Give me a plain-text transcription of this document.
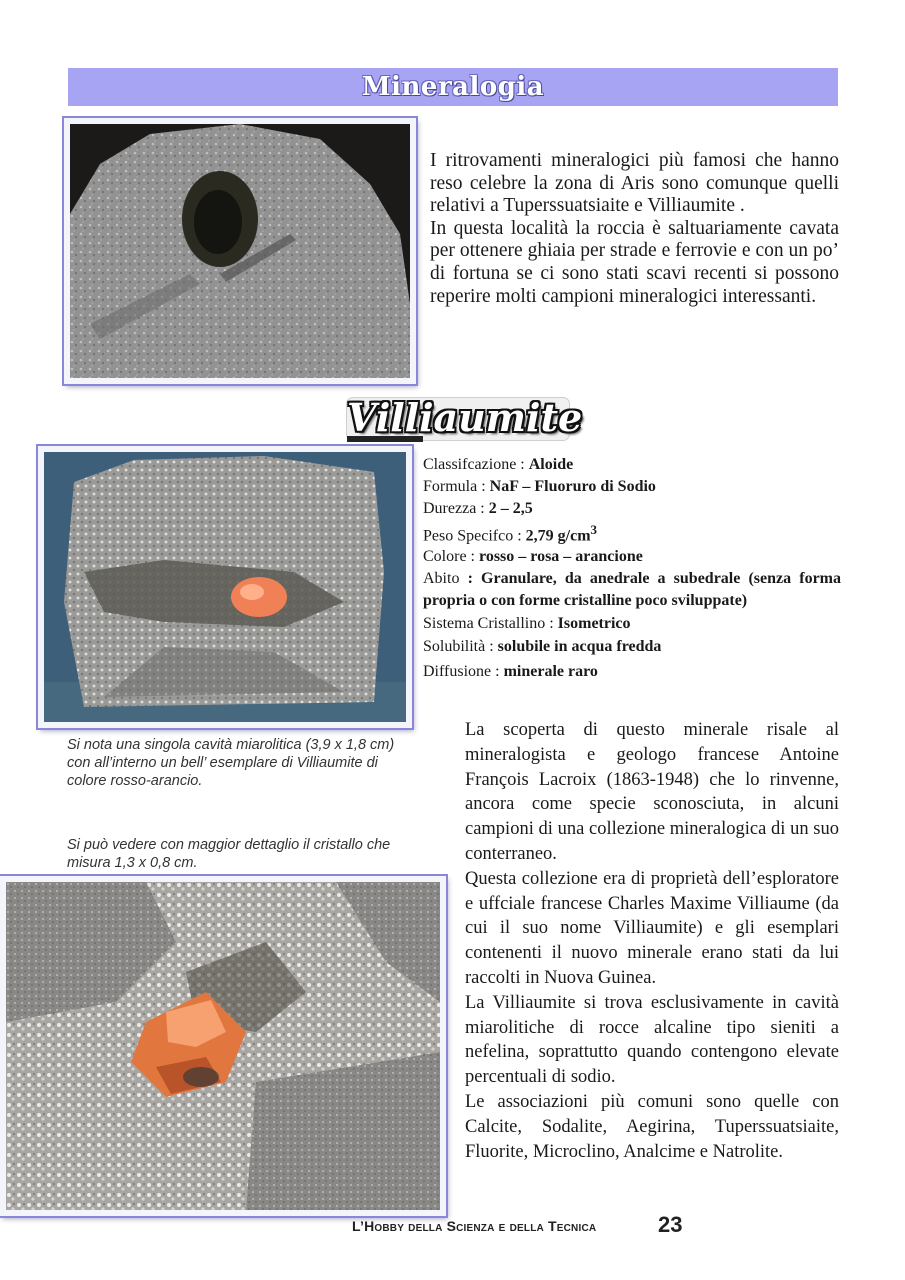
Mineralogia

I ritrovamenti mineralogici più famosi che hanno reso celebre la zona di Aris sono comunque quelli relativi a Tuperssuatsiaite e Villiaumite .

In questa località la roccia è saltuariamente cavata per ottenere ghiaia per strade e ferrovie e con un po’ di fortuna se ci sono stati scavi recenti si possono reperire molti campioni mineralogici interessanti.

Villiaumite
Classifcazione : Aloide
Formula : NaF – Fluoruro di Sodio
Durezza : 2 – 2,5
Peso Specifco : 2,79 $g/cm^3$
Colore : rosso – rosa – arancione
Abito : Granulare, da anedrale a subedrale (senza forma propria o con forme cristalline poco sviluppate)
Sistema Cristallino : Isometrico
Solubilità : solubile in acqua fredda
Diffusione : minerale raro
Si nota una singola cavità miarolitica (3,9 x 1,8 cm) con all’interno un bell’ esemplare di Villiaumite di colore rosso-arancio.
Si può vedere con maggior dettaglio il cristallo che misura 1,3 x 0,8 cm.

La scoperta di questo minerale risale al mineralogista e geologo francese Antoine François Lacroix (1863-1948) che lo rinvenne, ancora come specie sconosciuta, in alcuni campioni di una collezione mineralogica di un suo conterraneo.

Questa collezione era di proprietà dell’esploratore e uffciale francese Charles Maxime Villiaume (da cui il suo nome Villiaumite) e gli esemplari contenenti il nuovo minerale erano stati da lui raccolti in Nuova Guinea.

La Villiaumite si trova esclusivamente in cavità miarolitiche di rocce alcaline tipo sieniti a nefelina, soprattutto quando contengono elevate percentuali di sodio.

Le associazioni più comuni sono quelle con Calcite, Sodalite, Aegirina, Tuperssuatsiaite, Fluorite, Microclino, Analcime e Natrolite.

L’Hobby della Scienza e della Tecnica	23
